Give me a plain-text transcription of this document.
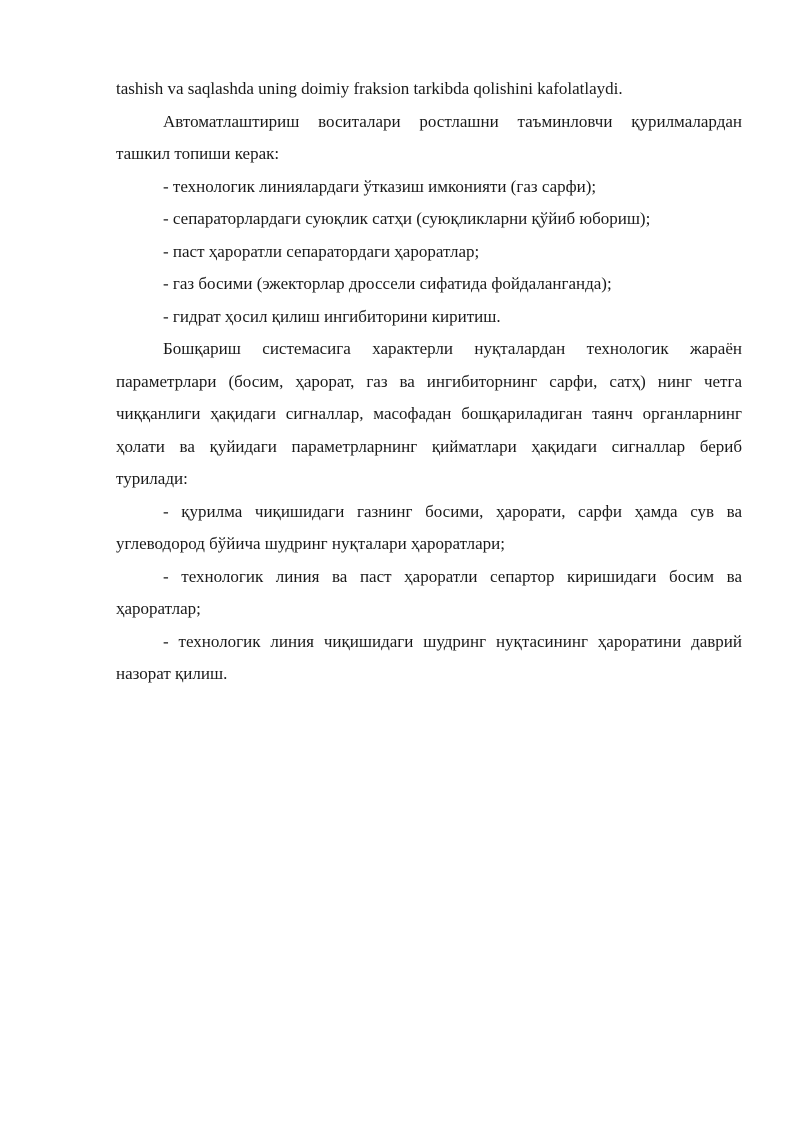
tashish va saqlashda uning doimiy fraksion tarkibda qolishini kafolatlaydi.

Автоматлаштириш воситалари ростлашни таъминловчи қурилмалардан ташкил топиши керак:

- технологик линиялардаги ўтказиш имконияти (газ сарфи);

- сепараторлардаги суюқлик сатҳи (суюқликларни қўйиб юбориш);

- паст ҳароратли сепаратордаги ҳароратлар;

- газ босими (эжекторлар дроссели сифатида фойдаланганда);

- гидрат ҳосил қилиш ингибиторини киритиш.

Бошқариш системасига характерли нуқталардан технологик жараён параметрлари (босим, ҳарорат, газ ва ингибиторнинг сарфи, сатҳ) нинг четга чиққанлиги ҳақидаги сигналлар, масофадан бошқариладиган таянч органларнинг ҳолати ва қуйидаги параметрларнинг қийматлари ҳақидаги сигналлар бериб турилади:

- қурилма чиқишидаги газнинг босими, ҳарорати, сарфи ҳамда сув ва углеводород бўйича шудринг нуқталари ҳароратлари;

- технологик линия ва паст ҳароратли сепартор киришидаги босим ва ҳароратлар;

- технологик линия чиқишидаги шудринг нуқтасининг ҳароратини даврий назорат қилиш.
